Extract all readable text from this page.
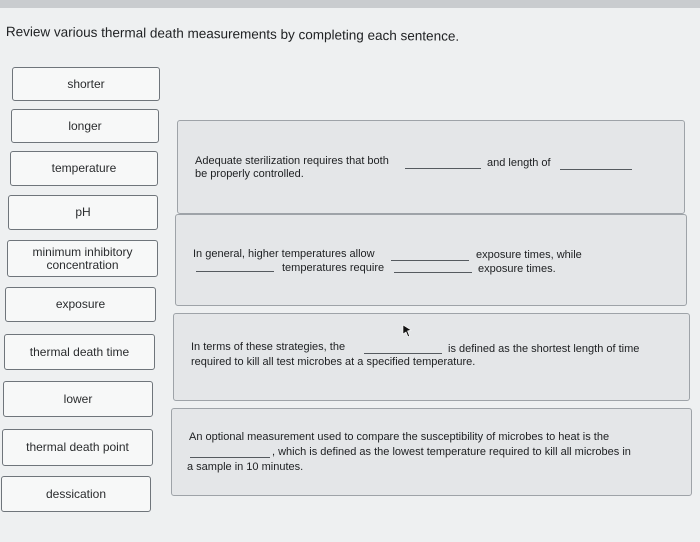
Review various thermal death measurements by completing each sentence.
shorter
longer
temperature
pH
minimum inhibitory concentration
exposure
thermal death time
lower
thermal death point
dessication
Adequate sterilization requires that both	and length of
be properly controlled.
In general, higher temperatures allow	exposure times, while
temperatures require	exposure times.
In terms of these strategies, the	is defined as the shortest length of time
required to kill all test microbes at a specified temperature.
An optional measurement used to compare the susceptibility of microbes to heat is the
, which is defined as the lowest temperature required to kill all microbes in
a sample in 10 minutes.
